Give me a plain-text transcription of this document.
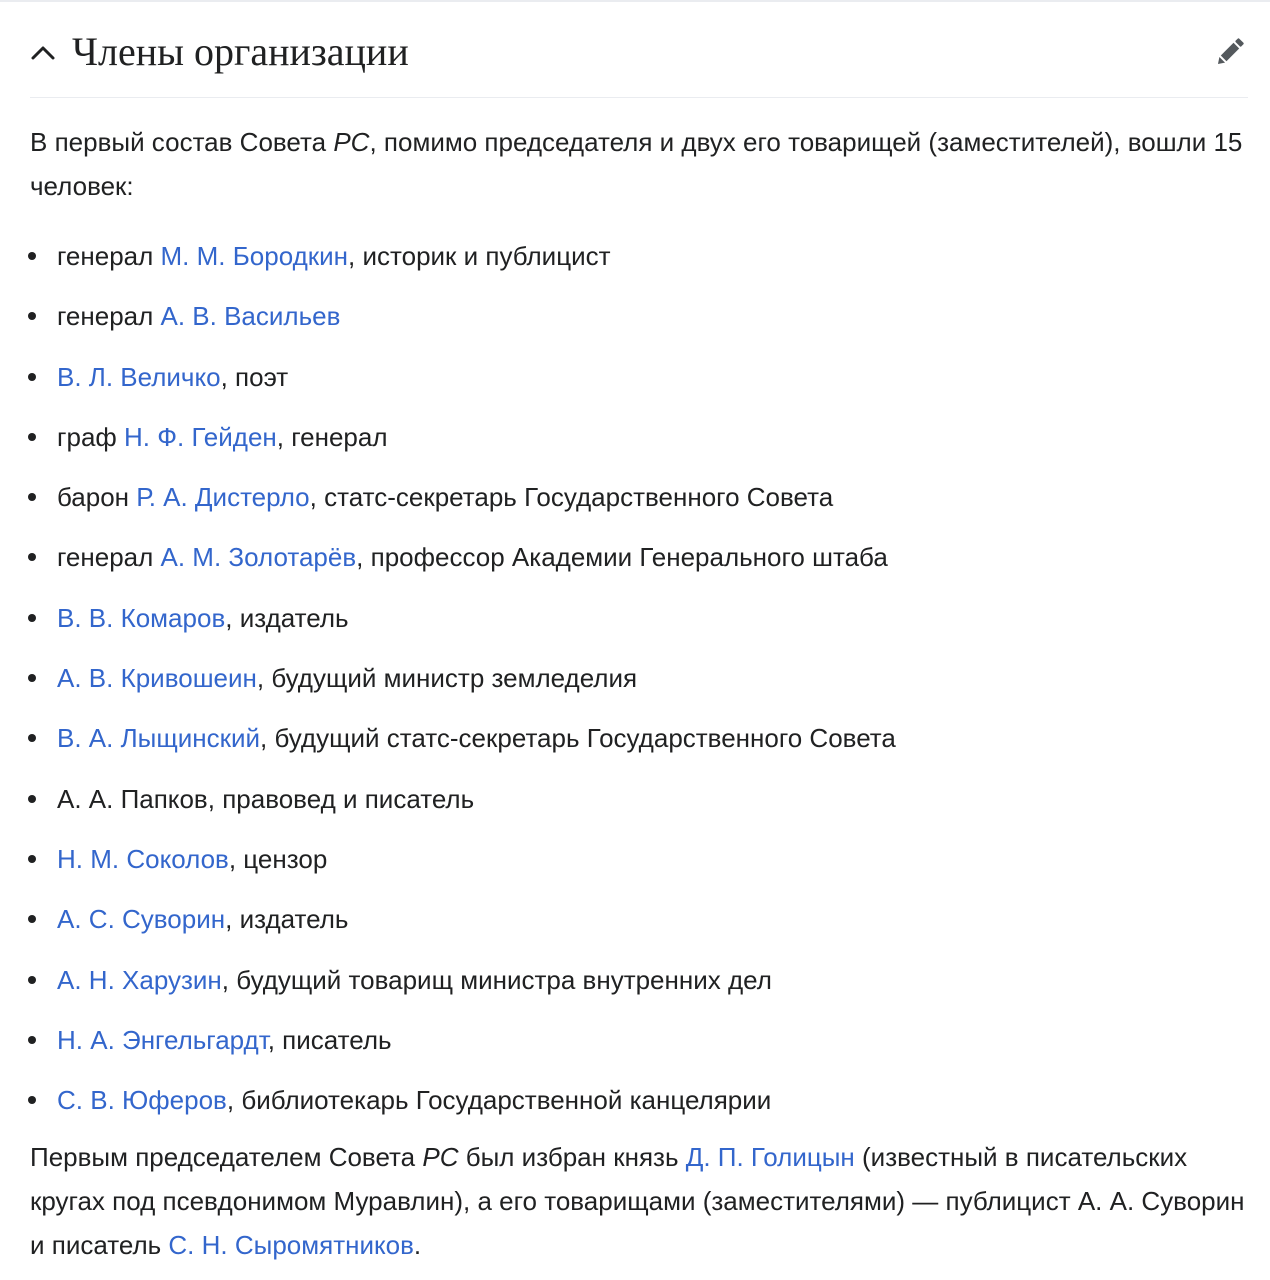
Члены организации

В первый состав Совета РС, помимо председателя и двух его товарищей (заместителей), вошли 15 человек:

генерал М. М. Бородкин, историк и публицист
генерал А. В. Васильев
В. Л. Величко, поэт
граф Н. Ф. Гейден, генерал
барон Р. А. Дистерло, статс-секретарь Государственного Совета
генерал А. М. Золотарёв, профессор Академии Генерального штаба
В. В. Комаров, издатель
А. В. Кривошеин, будущий министр земледелия
В. А. Лыщинский, будущий статс-секретарь Государственного Совета
А. А. Папков, правовед и писатель
Н. М. Соколов, цензор
А. С. Суворин, издатель
А. Н. Харузин, будущий товарищ министра внутренних дел
Н. А. Энгельгардт, писатель
С. В. Юферов, библиотекарь Государственной канцелярии

Первым председателем Совета РС был избран князь Д. П. Голицын (известный в писательских кругах под псевдонимом Муравлин), а его товарищами (заместителями) — публицист А. А. Суворин и писатель С. Н. Сыромятников.
